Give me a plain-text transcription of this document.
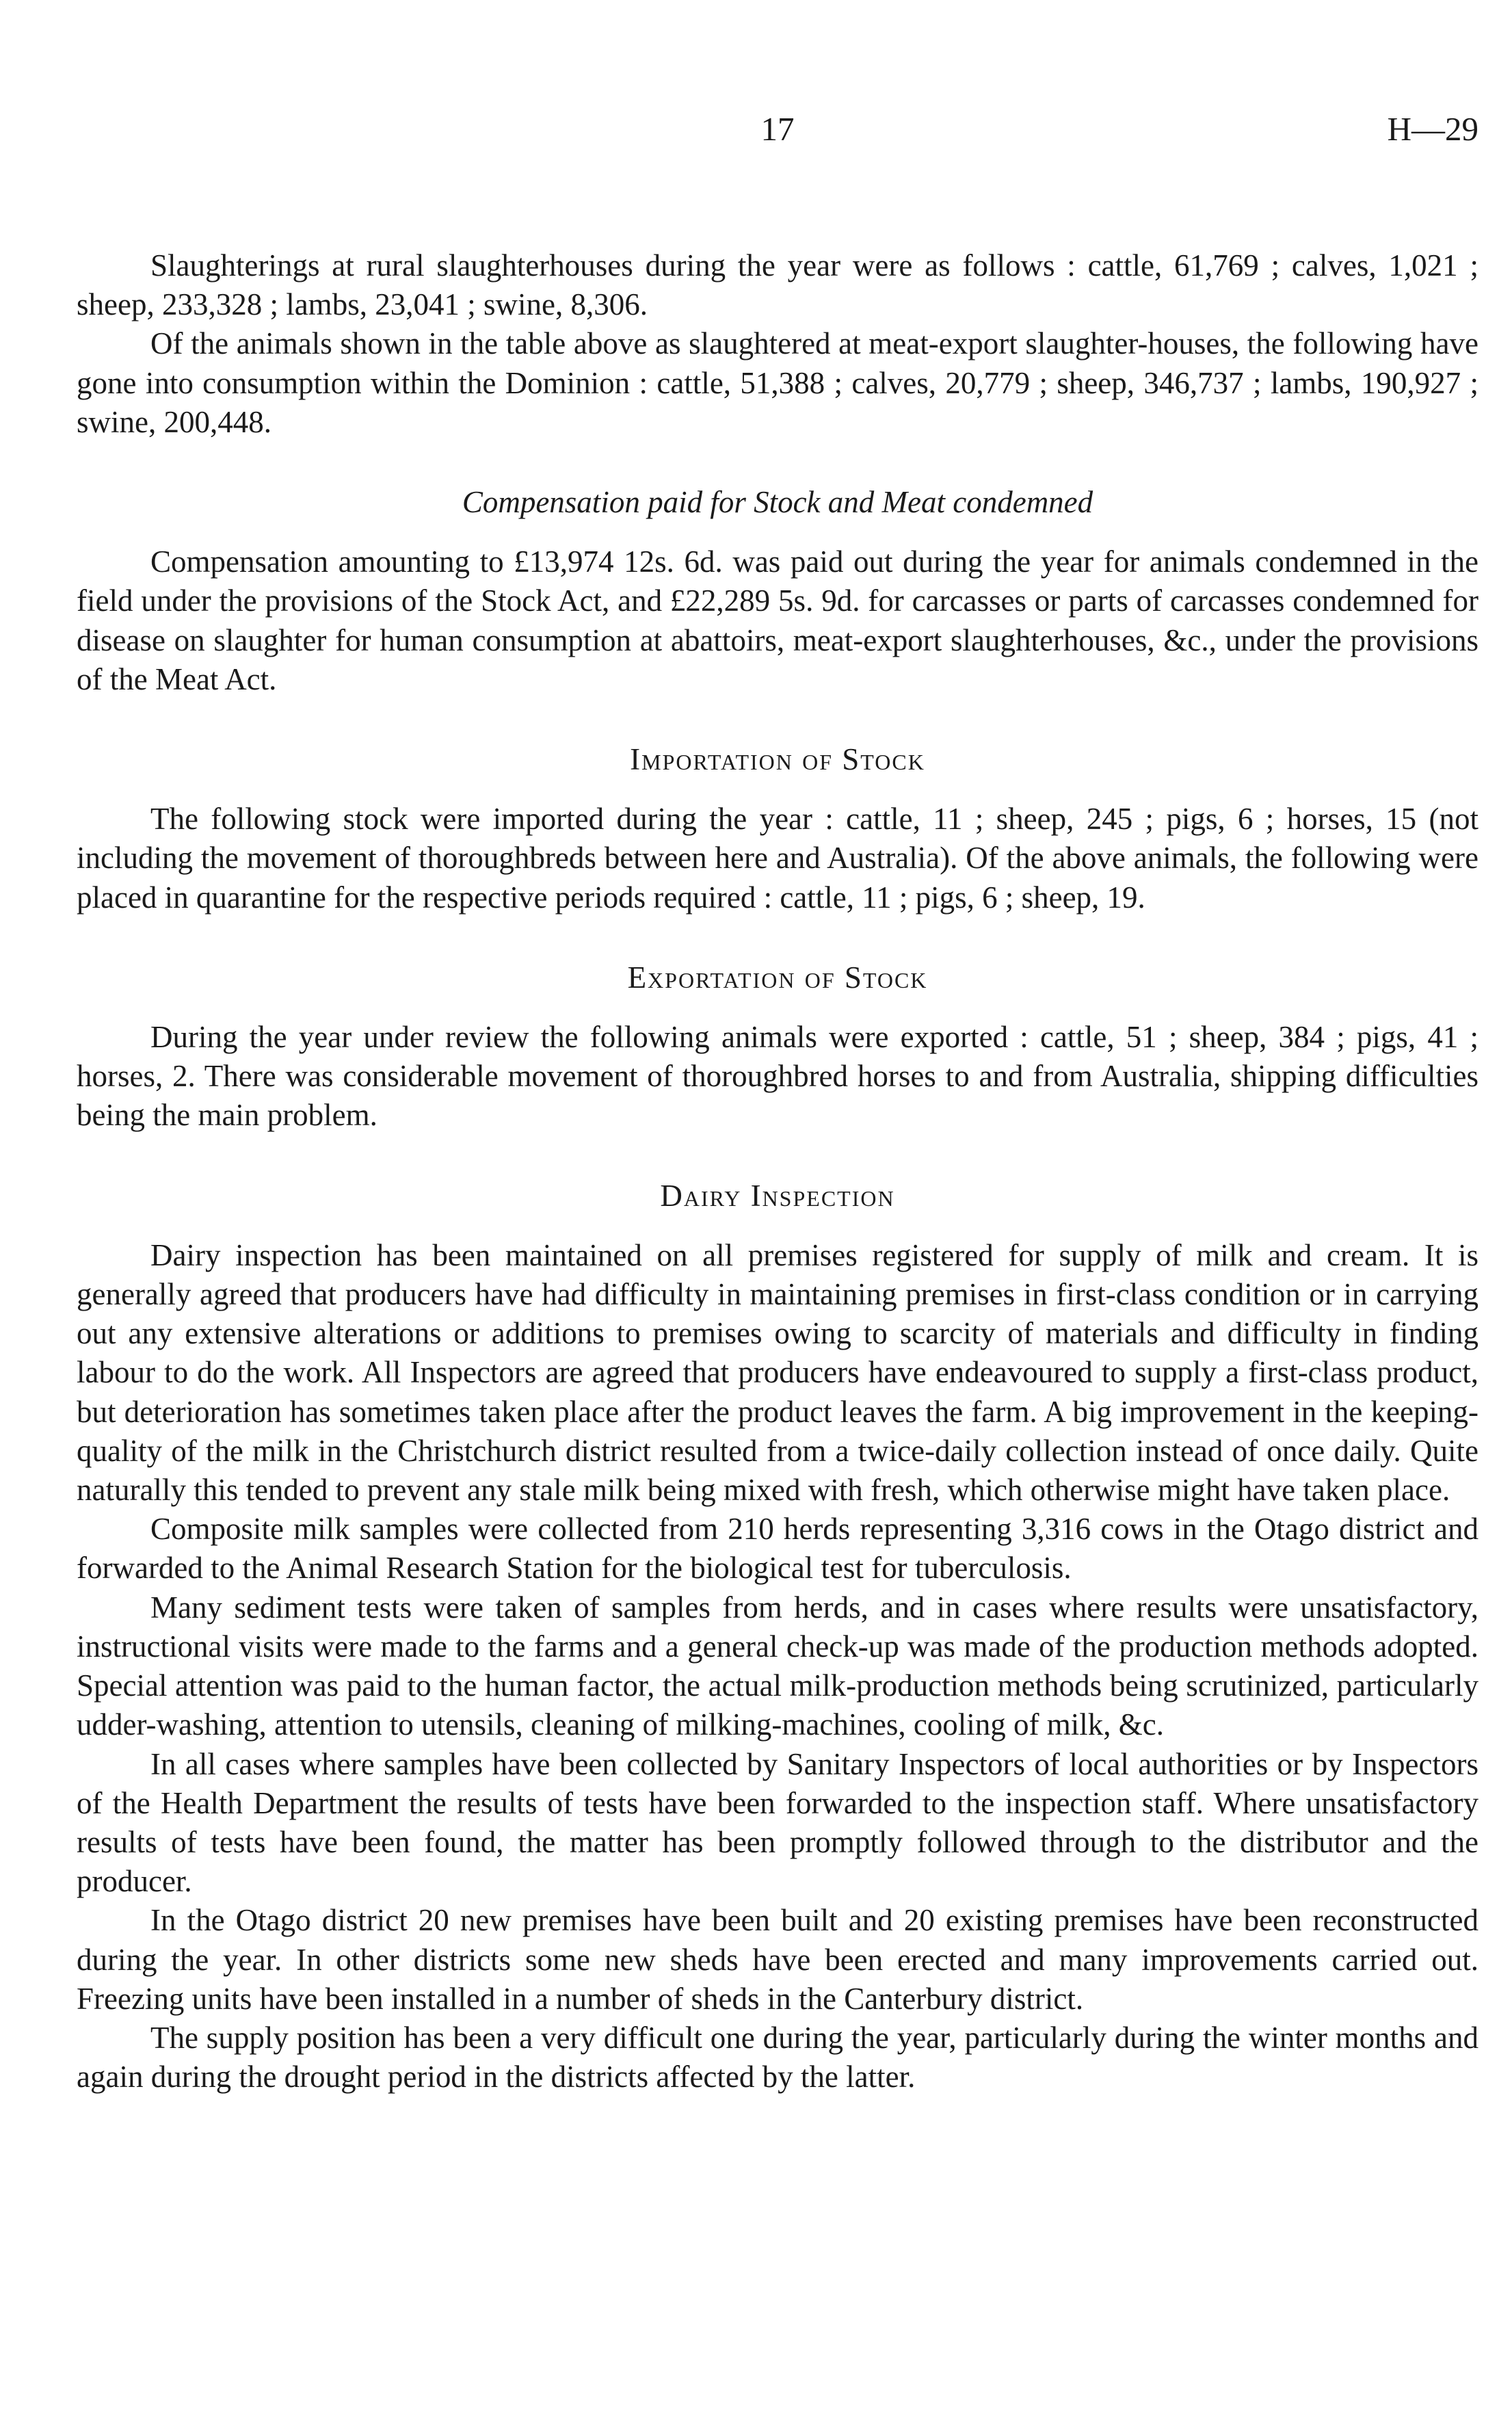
17	H—29

Slaughterings at rural slaughterhouses during the year were as follows : cattle, 61,769 ; calves, 1,021 ; sheep, 233,328 ; lambs, 23,041 ; swine, 8,306.

Of the animals shown in the table above as slaughtered at meat-export slaughter-houses, the following have gone into consumption within the Dominion : cattle, 51,388 ; calves, 20,779 ; sheep, 346,737 ; lambs, 190,927 ; swine, 200,448.

Compensation paid for Stock and Meat condemned

Compensation amounting to £13,974 12s. 6d. was paid out during the year for animals condemned in the field under the provisions of the Stock Act, and £22,289 5s. 9d. for carcasses or parts of carcasses condemned for disease on slaughter for human consumption at abattoirs, meat-export slaughterhouses, &c., under the provisions of the Meat Act.

Importation of Stock

The following stock were imported during the year : cattle, 11 ; sheep, 245 ; pigs, 6 ; horses, 15 (not including the movement of thoroughbreds between here and Australia). Of the above animals, the following were placed in quarantine for the respective periods required : cattle, 11 ; pigs, 6 ; sheep, 19.

Exportation of Stock

During the year under review the following animals were exported : cattle, 51 ; sheep, 384 ; pigs, 41 ; horses, 2. There was considerable movement of thoroughbred horses to and from Australia, shipping difficulties being the main problem.

Dairy Inspection

Dairy inspection has been maintained on all premises registered for supply of milk and cream. It is generally agreed that producers have had difficulty in maintaining premises in first-class condition or in carrying out any extensive alterations or additions to premises owing to scarcity of materials and difficulty in finding labour to do the work. All Inspectors are agreed that producers have endeavoured to supply a first-class product, but deterioration has sometimes taken place after the product leaves the farm. A big improvement in the keeping-quality of the milk in the Christchurch district resulted from a twice-daily collection instead of once daily. Quite naturally this tended to prevent any stale milk being mixed with fresh, which otherwise might have taken place.

Composite milk samples were collected from 210 herds representing 3,316 cows in the Otago district and forwarded to the Animal Research Station for the biological test for tuberculosis.

Many sediment tests were taken of samples from herds, and in cases where results were unsatisfactory, instructional visits were made to the farms and a general check-up was made of the production methods adopted. Special attention was paid to the human factor, the actual milk-production methods being scrutinized, particularly udder-washing, attention to utensils, cleaning of milking-machines, cooling of milk, &c.

In all cases where samples have been collected by Sanitary Inspectors of local authorities or by Inspectors of the Health Department the results of tests have been forwarded to the inspection staff. Where unsatisfactory results of tests have been found, the matter has been promptly followed through to the distributor and the producer.

In the Otago district 20 new premises have been built and 20 existing premises have been reconstructed during the year. In other districts some new sheds have been erected and many improvements carried out. Freezing units have been installed in a number of sheds in the Canterbury district.

The supply position has been a very difficult one during the year, particularly during the winter months and again during the drought period in the districts affected by the latter.
